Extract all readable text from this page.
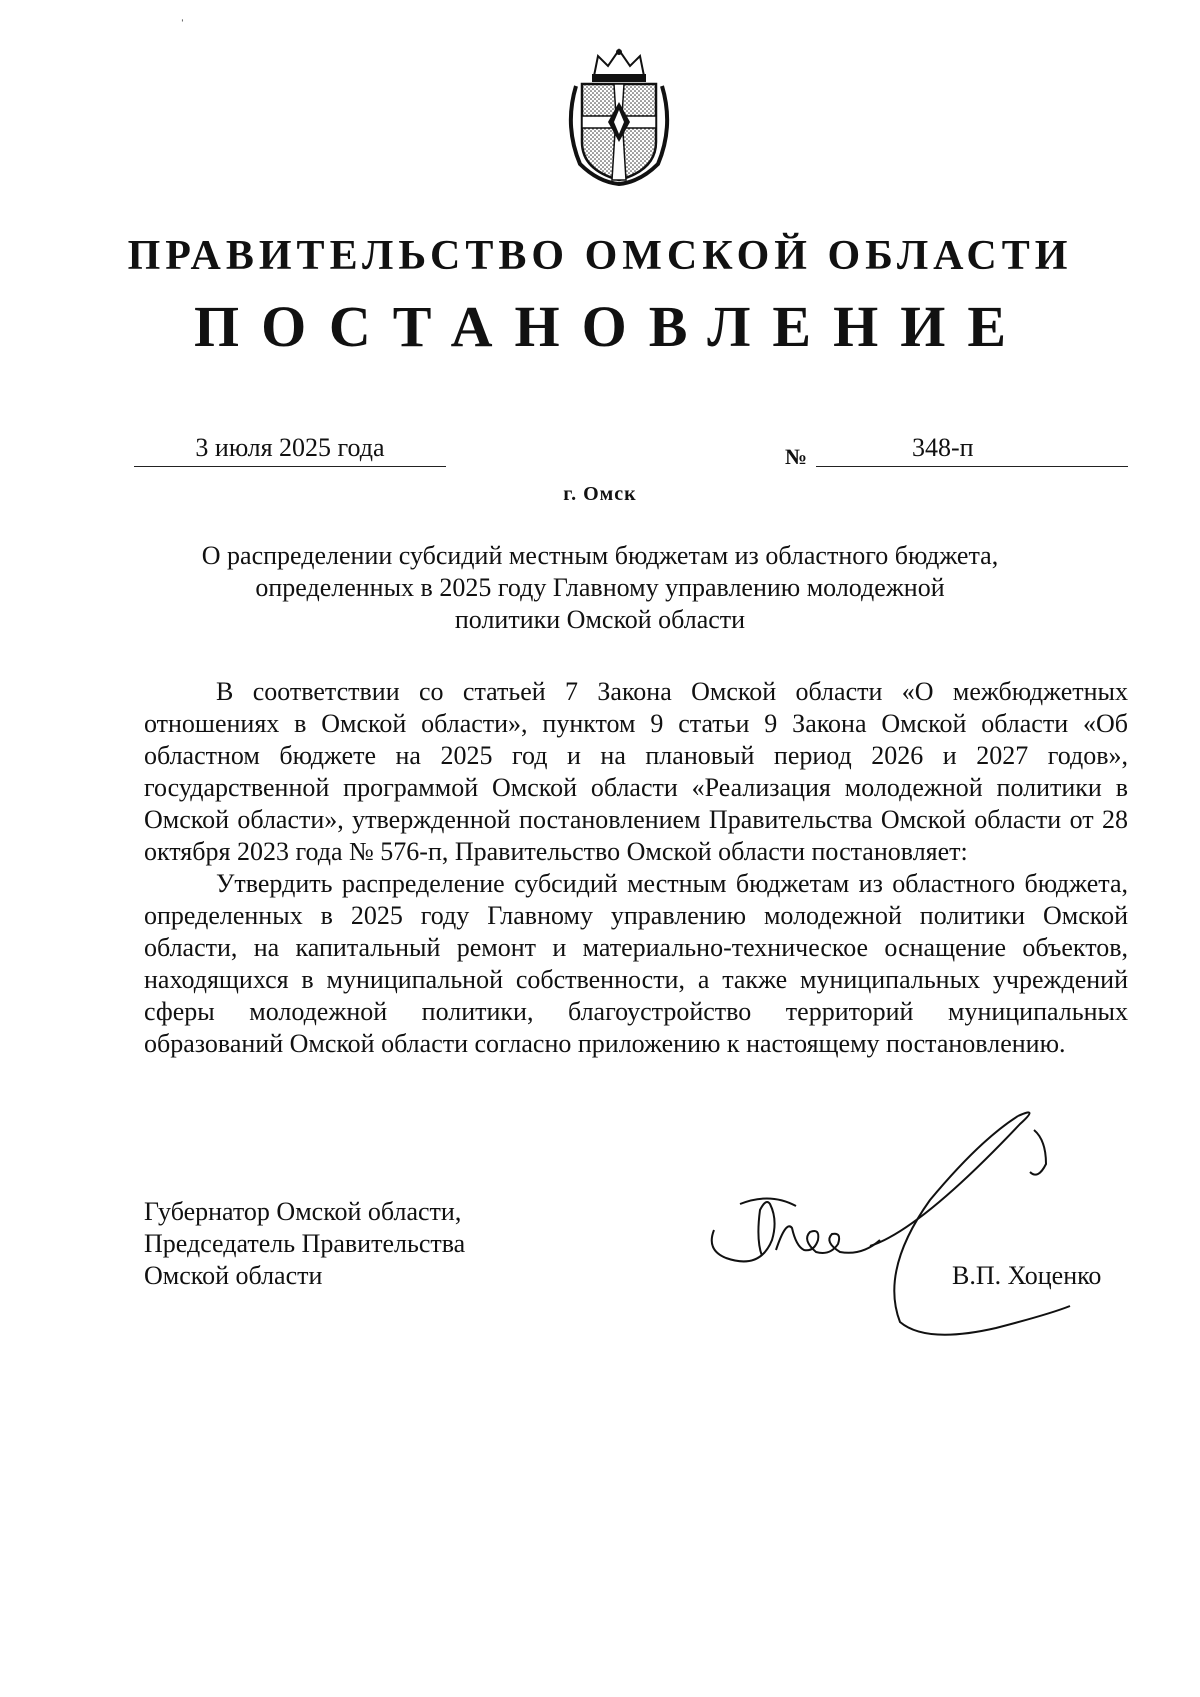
ˈ
ПРАВИТЕЛЬСТВО ОМСКОЙ ОБЛАСТИ
ПОСТАНОВЛЕНИЕ
3 июля 2025 года	№	348-п
г. Омск
О распределении субсидий местным бюджетам из областного бюджета,
определенных в 2025 году Главному управлению молодежной
политики Омской области

В соответствии со статьей 7 Закона Омской области «О межбюджетных отношениях в Омской области», пунктом 9 статьи 9 Закона Омской области «Об областном бюджете на 2025 год и на плановый период 2026 и 2027 годов», государственной программой Омской области «Реализация молодежной политики в Омской области», утвержденной постановлением Правительства Омской области от 28 октября 2023 года № 576-п, Правительство Омской области постановляет:

Утвердить распределение субсидий местным бюджетам из областного бюджета, определенных в 2025 году Главному управлению молодежной политики Омской области, на капитальный ремонт и материально-техническое оснащение объектов, находящихся в муниципальной собственности, а также муниципальных учреждений сферы молодежной политики, благоустройство территорий муниципальных образований Омской области согласно приложению к настоящему постановлению.

Губернатор Омской области,
Председатель Правительства
Омской области	В.П. Хоценко
